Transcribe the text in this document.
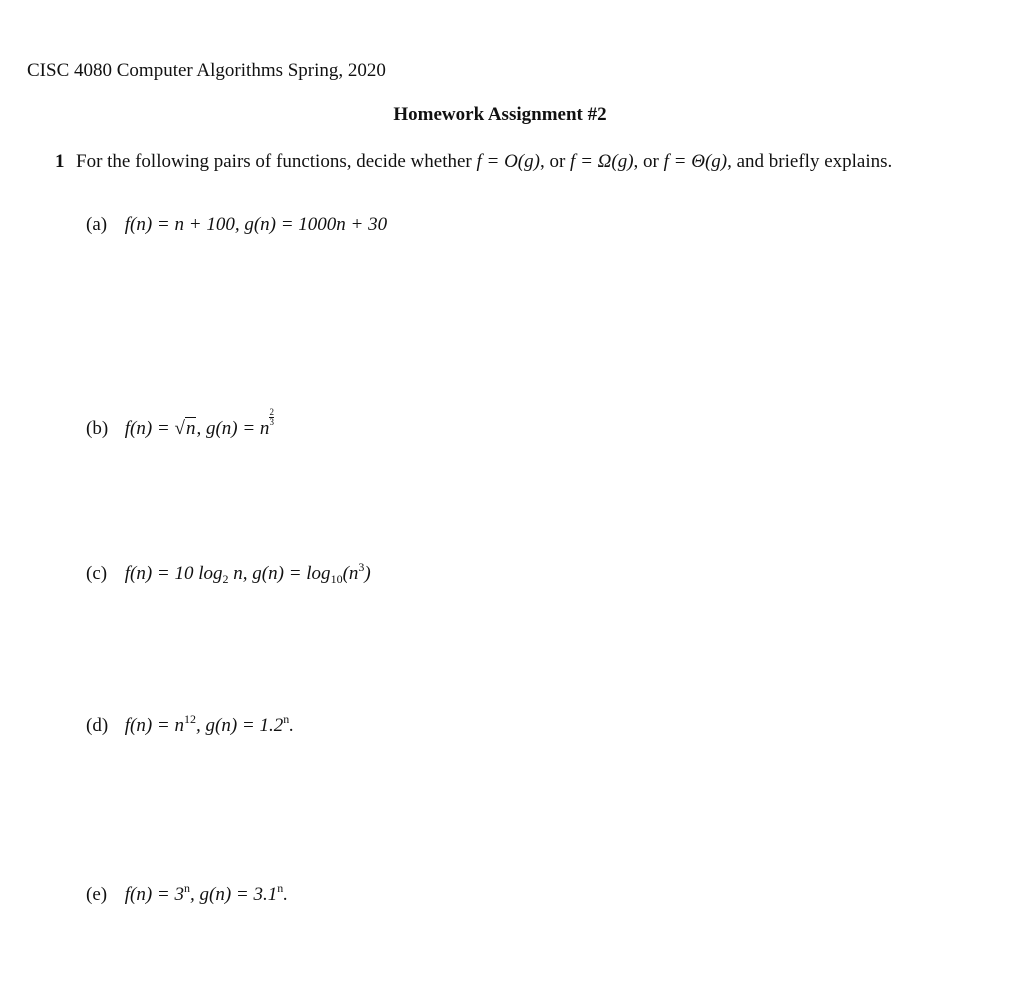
CISC 4080 Computer Algorithms Spring, 2020
Homework Assignment #2
1 For the following pairs of functions, decide whether f = O(g), or f = Ω(g), or f = Θ(g), and briefly explains.
(a) f(n) = n + 100, g(n) = 1000n + 30
(b) f(n) = √n, g(n) = n
$\frac{2}{3}$
(c) f(n) = 10 $\log_2 n$, $g(n) = \log_{10}(n^3)$
(d) $f(n) = n^{12}$, $g(n) = 1.2^n$.
(e) $f(n) = 3^n$, $g(n) = 3.1^n$.
